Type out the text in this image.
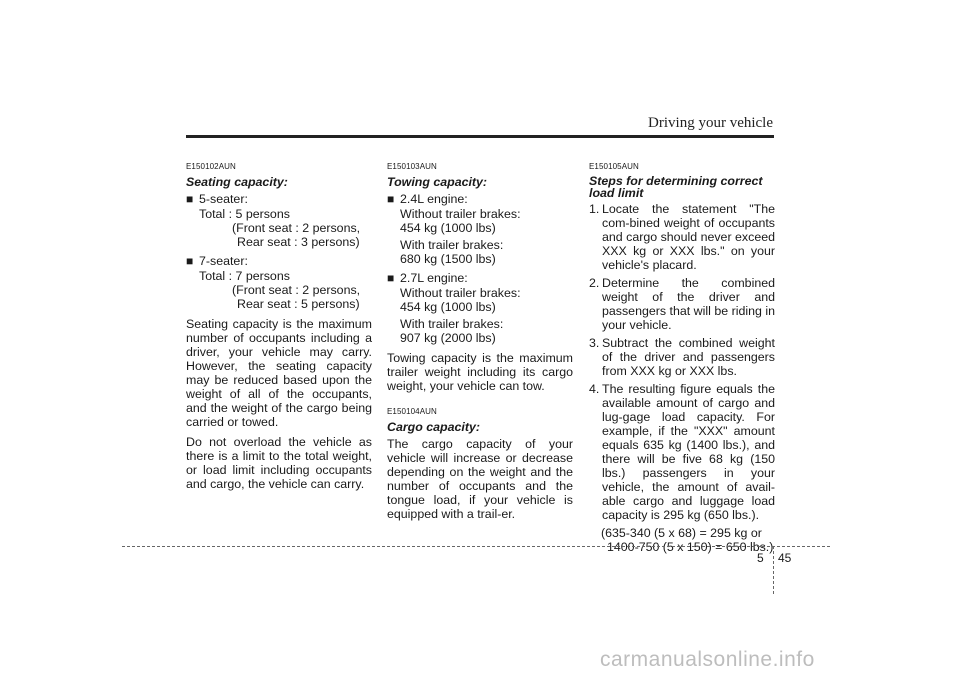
Driving your vehicle
E150102AUN
Seating capacity:
■ 5-seater:
Total : 5 persons
(Front seat : 2 persons,
Rear seat : 3 persons)
■ 7-seater:
Total : 7 persons
(Front seat : 2 persons,
Rear seat : 5 persons)
Seating capacity is the maximum number of occupants including a driver, your vehicle may carry. However, the seating capacity may be reduced based upon the weight of all of the occupants, and the weight of the cargo being carried or towed.
Do not overload the vehicle as there is a limit to the total weight, or load limit including occupants and cargo, the vehicle can carry.
E150103AUN
Towing capacity:
■ 2.4L engine:
Without trailer brakes:
454 kg (1000 lbs)
With trailer brakes:
680 kg (1500 lbs)
■ 2.7L engine:
Without trailer brakes:
454 kg (1000 lbs)
With trailer brakes:
907 kg (2000 lbs)
Towing capacity is the maximum trailer weight including its cargo weight, your vehicle can tow.
E150104AUN
Cargo capacity:
The cargo capacity of your vehicle will increase or decrease depending on the weight and the number of occupants and the tongue load, if your vehicle is equipped with a trail-er.
E150105AUN
Steps for determining correct load limit
1. Locate the statement "The com-bined weight of occupants and cargo should never exceed XXX kg or XXX lbs." on your vehicle's placard.
2. Determine the combined weight of the driver and passengers that will be riding in your vehicle.
3. Subtract the combined weight of the driver and passengers from XXX kg or XXX lbs.
4. The resulting figure equals the available amount of cargo and lug-gage load capacity. For example, if the "XXX" amount equals 635 kg (1400 lbs.), and there will be five 68 kg (150 lbs.) passengers in your vehicle, the amount of avail-able cargo and luggage load capacity is 295 kg (650 lbs.).
(635-340 (5 x 68) = 295 kg or
1400-750 (5 x 150) = 650 lbs.)
5 45
carmanualsonline.info
